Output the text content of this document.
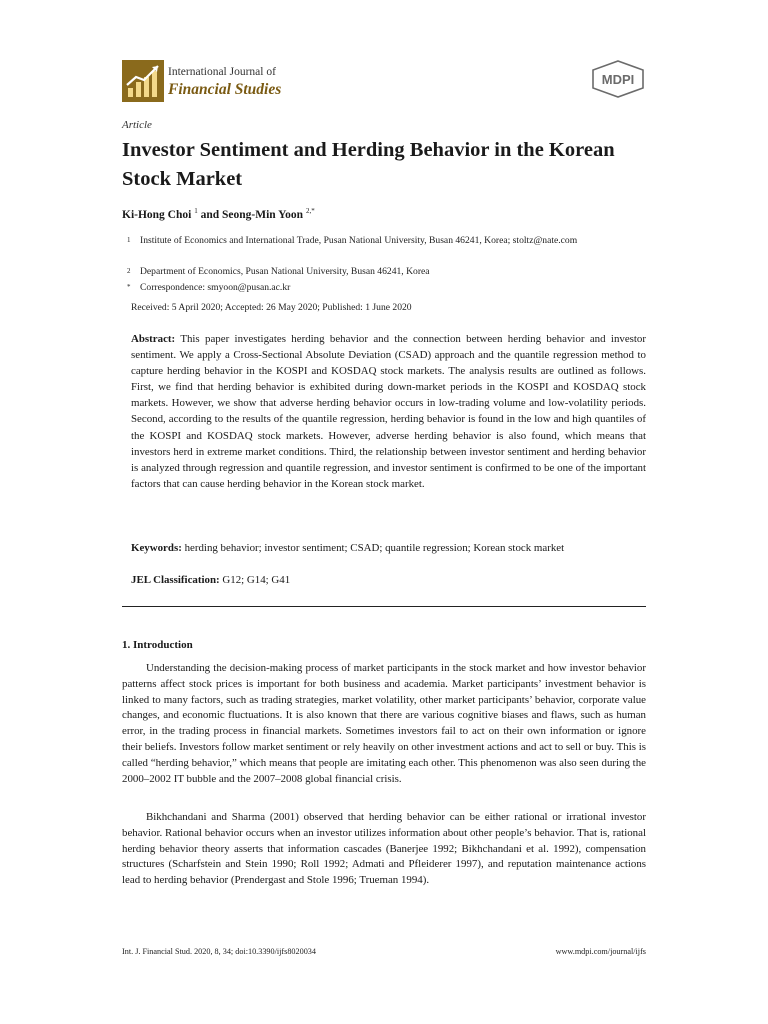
International Journal of
Financial Studies
MDPI
Article
Investor Sentiment and Herding Behavior in the Korean Stock Market
Ki-Hong Choi $^1$ and Seong-Min Yoon $^{2,*}$
1 Institute of Economics and International Trade, Pusan National University, Busan 46241, Korea; stoltz@nate.com
2 Department of Economics, Pusan National University, Busan 46241, Korea
* Correspondence: smyoon@pusan.ac.kr
Received: 5 April 2020; Accepted: 26 May 2020; Published: 1 June 2020

Abstract: This paper investigates herding behavior and the connection between herding behavior and investor sentiment. We apply a Cross-Sectional Absolute Deviation (CSAD) approach and the quantile regression method to capture herding behavior in the KOSPI and KOSDAQ stock markets. The analysis results are outlined as follows. First, we find that herding behavior is exhibited during down-market periods in the KOSPI and KOSDAQ stock markets. However, we show that adverse herding behavior occurs in low-trading volume and low-volatility periods. Second, according to the results of the quantile regression, herding behavior is found in the low and high quantiles of the KOSPI and KOSDAQ stock markets. However, adverse herding behavior is also found, which means that investors herd in extreme market conditions. Third, the relationship between investor sentiment and herding behavior is analyzed through regression and quantile regression, and investor sentiment is confirmed to be one of the important factors that can cause herding behavior in the Korean stock market.

Keywords: herding behavior; investor sentiment; CSAD; quantile regression; Korean stock market

JEL Classification: G12; G14; G41

1. Introduction

Understanding the decision-making process of market participants in the stock market and how investor behavior patterns affect stock prices is important for both business and academia. Market participants’ investment behavior is linked to many factors, such as trading strategies, market volatility, other market participants’ behavior, corporate value changes, and economic fluctuations. It is also known that there are various cognitive biases and flaws, such as human error, in the trading process in financial markets. Sometimes investors fail to act on their own information or ignore their beliefs. Investors follow market sentiment or rely heavily on other investment actions and act to sell or buy. This is called “herding behavior,” which means that people are imitating each other. This phenomenon was also seen during the 2000–2002 IT bubble and the 2007–2008 global financial crisis.

Bikhchandani and Sharma (2001) observed that herding behavior can be either rational or irrational investor behavior. Rational behavior occurs when an investor utilizes information about other people’s behavior. That is, rational herding behavior theory asserts that information cascades (Banerjee 1992; Bikhchandani et al. 1992), compensation structures (Scharfstein and Stein 1990; Roll 1992; Admati and Pfleiderer 1997), and reputation maintenance actions lead to herding behavior (Prendergast and Stole 1996; Trueman 1994).

Int. J. Financial Stud. 2020, 8, 34; doi:10.3390/ijfs8020034	www.mdpi.com/journal/ijfs
